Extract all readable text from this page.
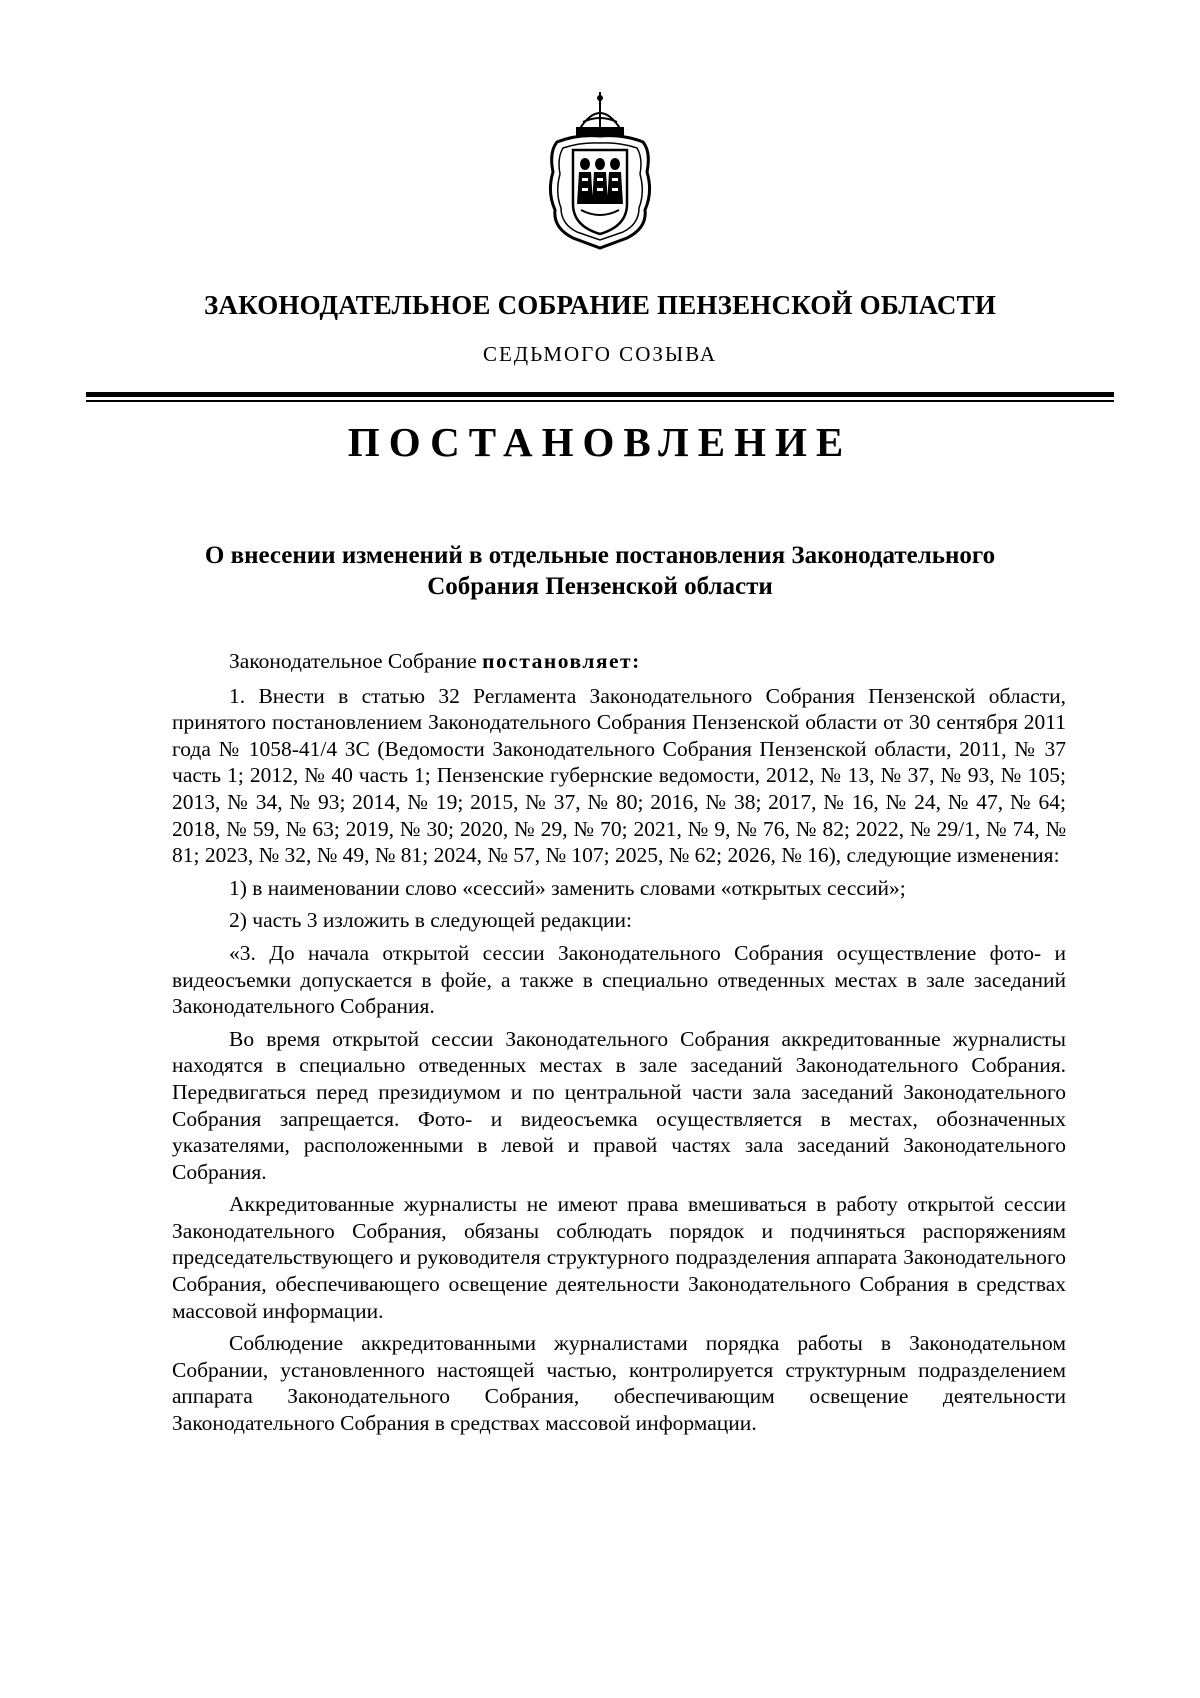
ЗАКОНОДАТЕЛЬНОЕ СОБРАНИЕ ПЕНЗЕНСКОЙ ОБЛАСТИ
СЕДЬМОГО СОЗЫВА
ПОСТАНОВЛЕНИЕ
О внесении изменений в отдельные постановления Законодательного
Собрания Пензенской области

Законодательное Собрание постановляет:

1. Внести в статью 32 Регламента Законодательного Собрания Пензенской области, принятого постановлением Законодательного Собрания Пензенской области от 30 сентября 2011 года № 1058-41/4 ЗС (Ведомости Законодательного Собрания Пензенской области, 2011, № 37 часть 1; 2012, № 40 часть 1; Пензенские губернские ведомости, 2012, № 13, № 37, № 93, № 105; 2013, № 34, № 93; 2014, № 19; 2015, № 37, № 80; 2016, № 38; 2017, № 16, № 24, № 47, № 64; 2018, № 59, № 63; 2019, № 30; 2020, № 29, № 70; 2021, № 9, № 76, № 82; 2022, № 29/1, № 74, № 81; 2023, № 32, № 49, № 81; 2024, № 57, № 107; 2025, № 62; 2026, № 16), следующие изменения:

1) в наименовании слово «сессий» заменить словами «открытых сессий»;

2) часть 3 изложить в следующей редакции:

«3. До начала открытой сессии Законодательного Собрания осуществление фото- и видеосъемки допускается в фойе, а также в специально отведенных местах в зале заседаний Законодательного Собрания.

Во время открытой сессии Законодательного Собрания аккредитованные журналисты находятся в специально отведенных местах в зале заседаний Законодательного Собрания. Передвигаться перед президиумом и по центральной части зала заседаний Законодательного Собрания запрещается. Фото- и видеосъемка осуществляется в местах, обозначенных указателями, расположенными в левой и правой частях зала заседаний Законодательного Собрания.

Аккредитованные журналисты не имеют права вмешиваться в работу открытой сессии Законодательного Собрания, обязаны соблюдать порядок и подчиняться распоряжениям председательствующего и руководителя структурного подразделения аппарата Законодательного Собрания, обеспечивающего освещение деятельности Законодательного Собрания в средствах массовой информации.

Соблюдение аккредитованными журналистами порядка работы в Законодательном Собрании, установленного настоящей частью, контролируется структурным подразделением аппарата Законодательного Собрания, обеспечивающим освещение деятельности Законодательного Собрания в средствах массовой информации.
